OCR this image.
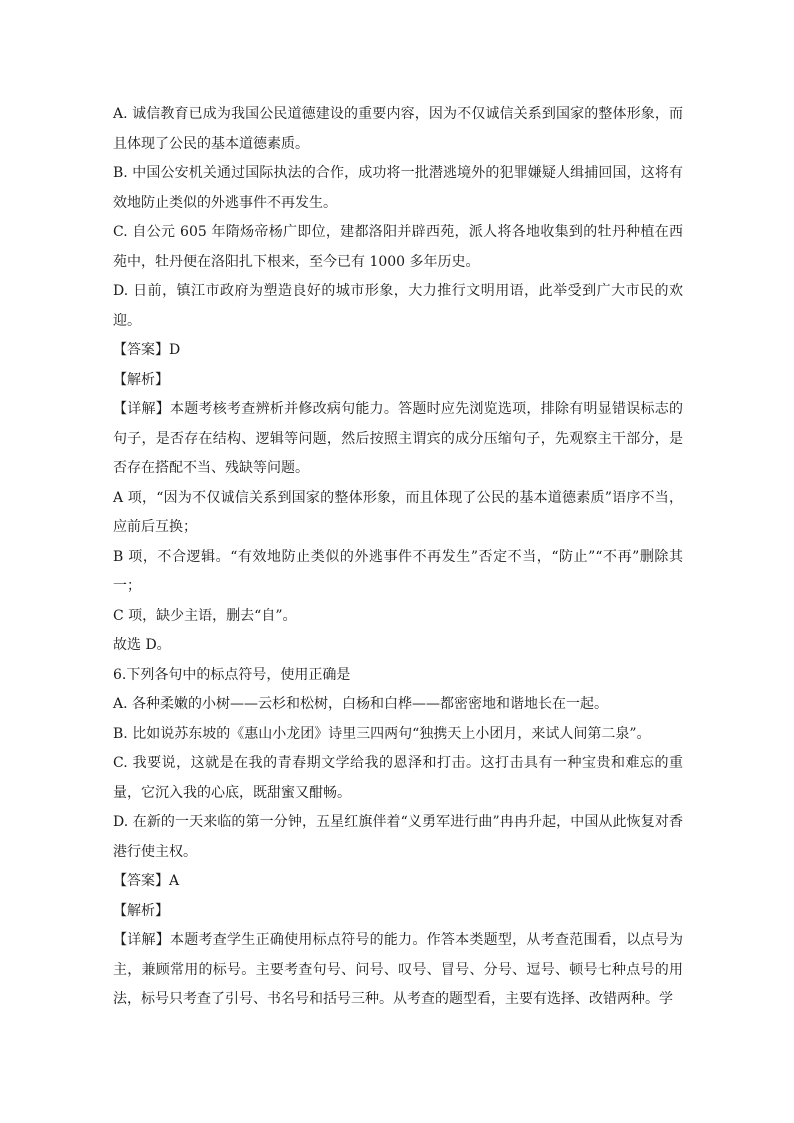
A. 诚信教育已成为我国公民道德建设的重要内容，因为不仅诚信关系到国家的整体形象，而且体现了公民的基本道德素质。

B. 中国公安机关通过国际执法的合作，成功将一批潜逃境外的犯罪嫌疑人缉捕回国，这将有效地防止类似的外逃事件不再发生。

C. 自公元 605 年隋炀帝杨广即位，建都洛阳并辟西苑，派人将各地收集到的牡丹种植在西苑中，牡丹便在洛阳扎下根来，至今已有 1000 多年历史。

D. 日前，镇江市政府为塑造良好的城市形象，大力推行文明用语，此举受到广大市民的欢迎。

【答案】D

【解析】

【详解】本题考核考查辨析并修改病句能力。答题时应先浏览选项，排除有明显错误标志的句子，是否存在结构、逻辑等问题，然后按照主谓宾的成分压缩句子，先观察主干部分，是否存在搭配不当、残缺等问题。

A 项，“因为不仅诚信关系到国家的整体形象，而且体现了公民的基本道德素质”语序不当，应前后互换；

B 项，不合逻辑。“有效地防止类似的外逃事件不再发生”否定不当，“防止”“不再”删除其一；

C 项，缺少主语，删去“自”。

故选 D。

6.下列各句中的标点符号，使用正确是

A. 各种柔嫩的小树——云杉和松树，白杨和白桦——都密密地和谐地长在一起。

B. 比如说苏东坡的《惠山小龙团》诗里三四两句“独携天上小团月，来试人间第二泉”。

C. 我要说，这就是在我的青春期文学给我的恩泽和打击。这打击具有一种宝贵和难忘的重量，它沉入我的心底，既甜蜜又酣畅。

D. 在新的一天来临的第一分钟，五星红旗伴着“义勇军进行曲”冉冉升起，中国从此恢复对香港行使主权。

【答案】A

【解析】

【详解】本题考查学生正确使用标点符号的能力。作答本类题型，从考查范围看，以点号为主，兼顾常用的标号。主要考查句号、问号、叹号、冒号、分号、逗号、顿号七种点号的用法，标号只考查了引号、书名号和括号三种。从考查的题型看，主要有选择、改错两种。学
